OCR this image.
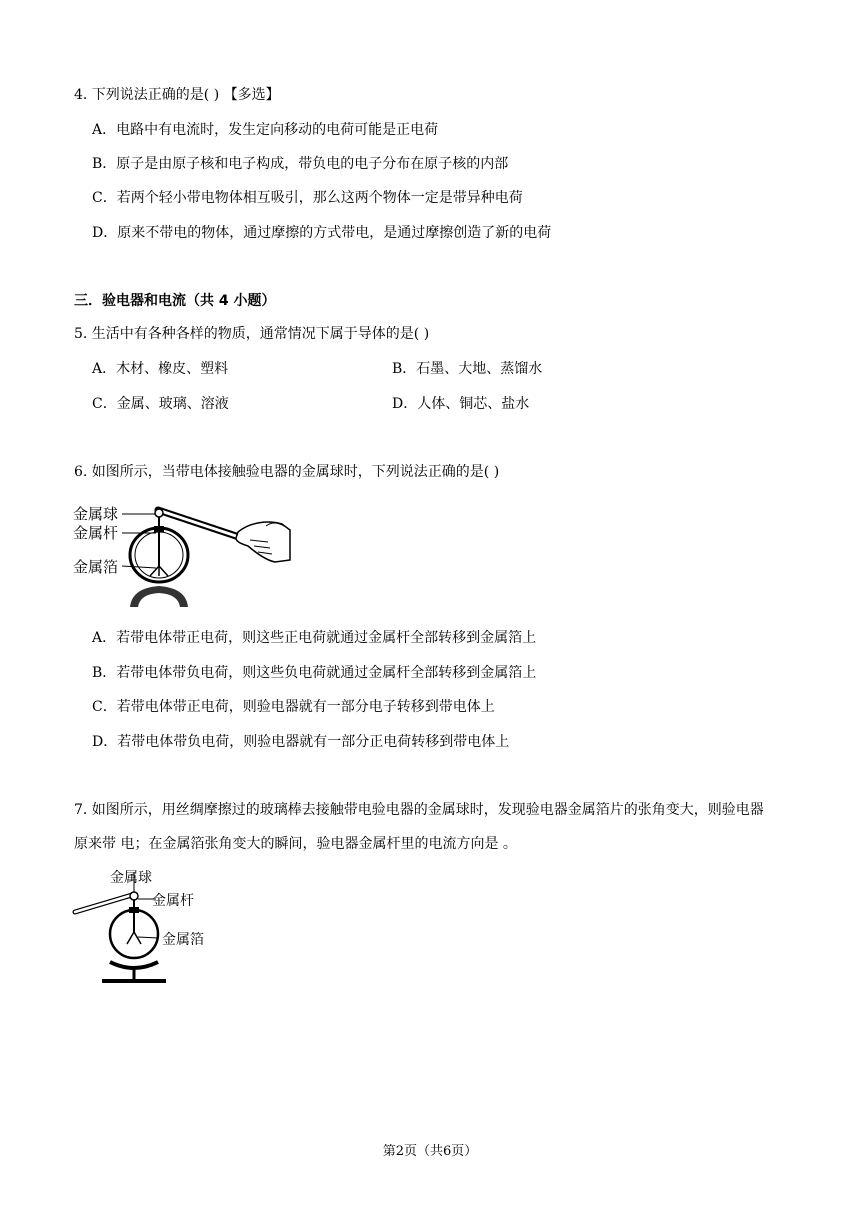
4. 下列说法正确的是( ) 【多选】
A．电路中有电流时，发生定向移动的电荷可能是正电荷
B．原子是由原子核和电子构成，带负电的电子分布在原子核的内部
C．若两个轻小带电物体相互吸引，那么这两个物体一定是带异种电荷
D．原来不带电的物体，通过摩擦的方式带电，是通过摩擦创造了新的电荷
三．验电器和电流（共 4 小题）
5. 生活中有各种各样的物质，通常情况下属于导体的是( )
A．木材、橡皮、塑料	B．石墨、大地、蒸馏水
C．金属、玻璃、溶液	D．人体、铜芯、盐水
6. 如图所示，当带电体接触验电器的金属球时，下列说法正确的是( )
金属球
金属杆
金属箔
A．若带电体带正电荷，则这些正电荷就通过金属杆全部转移到金属箔上
B．若带电体带负电荷，则这些负电荷就通过金属杆全部转移到金属箔上
C．若带电体带正电荷，则验电器就有一部分电子转移到带电体上
D．若带电体带负电荷，则验电器就有一部分正电荷转移到带电体上
7. 如图所示，用丝绸摩擦过的玻璃棒去接触带电验电器的金属球时，发现验电器金属箔片的张角变大，则验电器
原来带 电；在金属箔张角变大的瞬间，验电器金属杆里的电流方向是 。
金属球
金属杆
金属箔
第2页（共6页）
